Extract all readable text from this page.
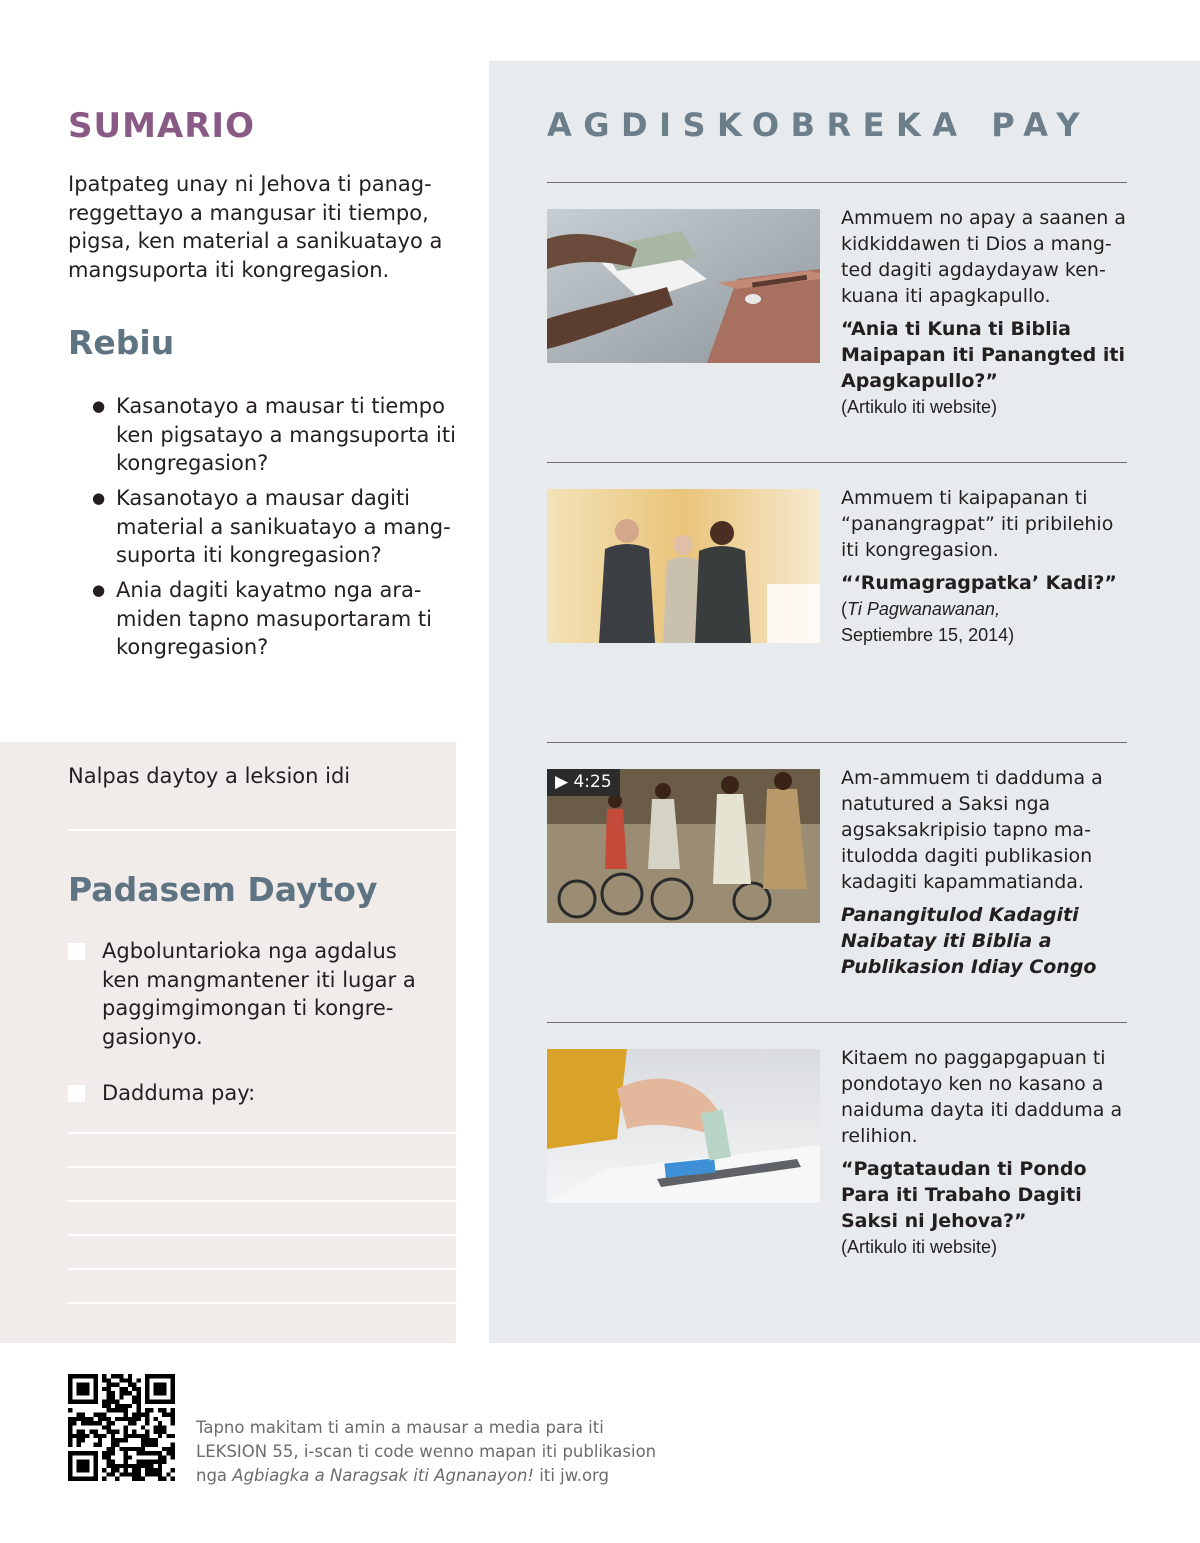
SUMARIO

Ipatpateg unay ni Jehova ti panagreggettayo a mangusar iti tiempo, pigsa, ken material a sanikuatayo a mangsuporta iti kongregasion.

Rebiu
● Kasanotayo a mausar ti tiempo ken pigsatayo a mangsuporta iti kongregasion?
● Kasanotayo a mausar dagiti material a sanikuatayo a mangsuporta iti kongregasion?
● Ania dagiti kayatmo nga aramiden tapno masuportaram ti kongregasion?
Nalpas daytoy a leksion idi
Padasem Daytoy
Agboluntarioka nga agdalus ken mangmantener iti lugar a paggimgimongan ti kongregasionyo.
Dadduma pay:
AGDISKOBREKA PAY

Ammuem no apay a saanen a kidkiddawen ti Dios a mangted dagiti agdaydayaw kenkuana iti apagkapullo.

“Ania ti Kuna ti Biblia Maipapan iti Panangted iti Apagkapullo?”

(Artikulo iti website)

Ammuem ti kaipapanan ti “panangragpat” iti pribilehio iti kongregasion.

“‘Rumagragpatka’ Kadi?”

(Ti Pagwanawanan,
Septiembre 15, 2014)

▶ 4:25	Am-ammuem ti dadduma a natutured a Saksi nga agsaksakripisio tapno maitulodda dagiti publikasion kadagiti kapammatianda.

Panangitulod Kadagiti Naibatay iti Biblia a Publikasion Idiay Congo

Kitaem no paggapgapuan ti pondotayo ken no kasano a naiduma dayta iti dadduma a relihion.

“Pagtataudan ti Pondo Para iti Trabaho Dagiti Saksi ni Jehova?”

(Artikulo iti website)

Tapno makitam ti amin a mausar a media para iti
LEKSION 55, i-scan ti code wenno mapan iti publikasion
nga Agbiagka a Naragsak iti Agnanayon! iti jw.org
